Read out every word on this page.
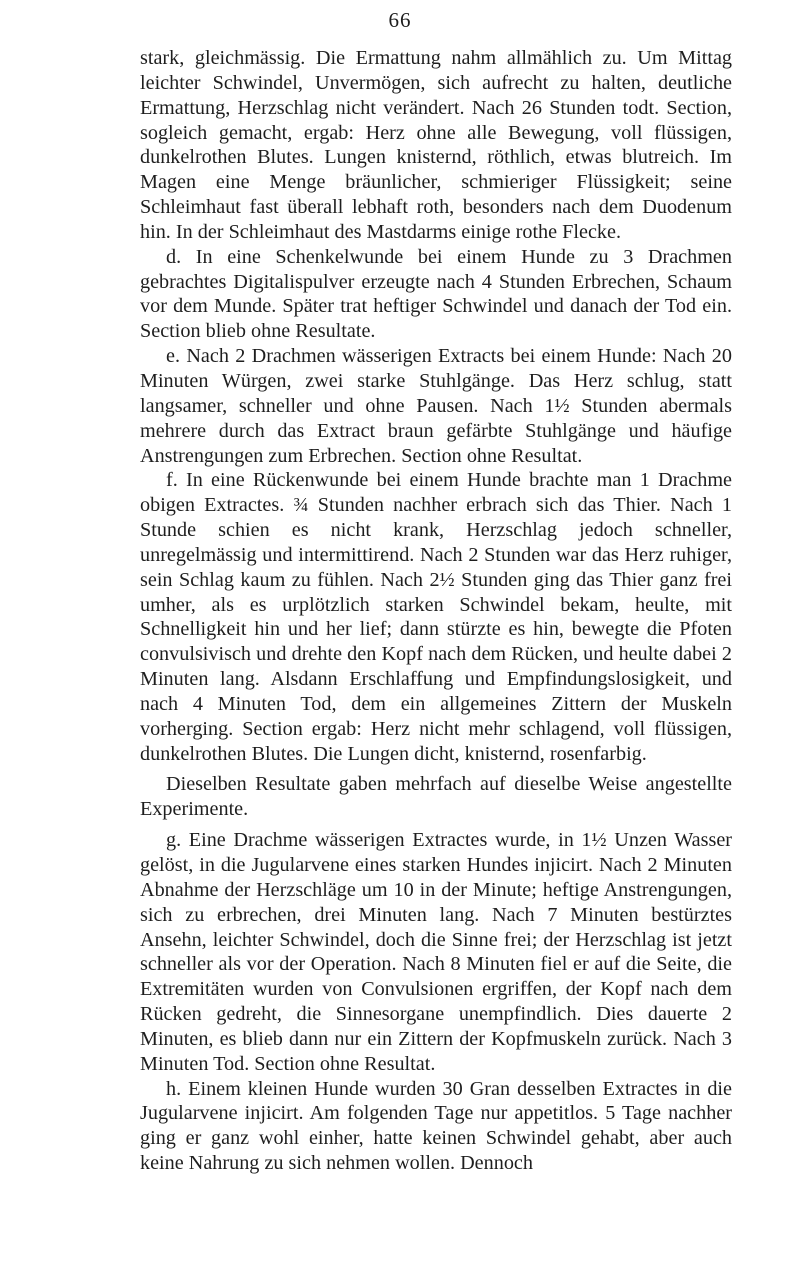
66

stark, gleichmässig. Die Ermattung nahm allmählich zu. Um Mittag leichter Schwindel, Unvermögen, sich aufrecht zu halten, deutliche Ermattung, Herzschlag nicht verändert. Nach 26 Stunden todt. Section, sogleich gemacht, ergab: Herz ohne alle Bewegung, voll flüssigen, dunkelrothen Blutes. Lungen knisternd, röthlich, etwas blutreich. Im Magen eine Menge bräunlicher, schmieriger Flüssigkeit; seine Schleimhaut fast überall lebhaft roth, besonders nach dem Duodenum hin. In der Schleimhaut des Mastdarms einige rothe Flecke.

d. In eine Schenkelwunde bei einem Hunde zu 3 Drachmen gebrachtes Digitalispulver erzeugte nach 4 Stunden Erbrechen, Schaum vor dem Munde. Später trat heftiger Schwindel und danach der Tod ein. Section blieb ohne Resultate.

e. Nach 2 Drachmen wässerigen Extracts bei einem Hunde: Nach 20 Minuten Würgen, zwei starke Stuhlgänge. Das Herz schlug, statt langsamer, schneller und ohne Pausen. Nach 1½ Stunden abermals mehrere durch das Extract braun gefärbte Stuhlgänge und häufige Anstrengungen zum Erbrechen. Section ohne Resultat.

f. In eine Rückenwunde bei einem Hunde brachte man 1 Drachme obigen Extractes. ¾ Stunden nachher erbrach sich das Thier. Nach 1 Stunde schien es nicht krank, Herzschlag jedoch schneller, unregelmässig und intermittirend. Nach 2 Stunden war das Herz ruhiger, sein Schlag kaum zu fühlen. Nach 2½ Stunden ging das Thier ganz frei umher, als es urplötzlich starken Schwindel bekam, heulte, mit Schnelligkeit hin und her lief; dann stürzte es hin, bewegte die Pfoten convulsivisch und drehte den Kopf nach dem Rücken, und heulte dabei 2 Minuten lang. Alsdann Erschlaffung und Empfindungslosigkeit, und nach 4 Minuten Tod, dem ein allgemeines Zittern der Muskeln vorherging. Section ergab: Herz nicht mehr schlagend, voll flüssigen, dunkelrothen Blutes. Die Lungen dicht, knisternd, rosenfarbig.

Dieselben Resultate gaben mehrfach auf dieselbe Weise angestellte Experimente.

g. Eine Drachme wässerigen Extractes wurde, in 1½ Unzen Wasser gelöst, in die Jugularvene eines starken Hundes injicirt. Nach 2 Minuten Abnahme der Herzschläge um 10 in der Minute; heftige Anstrengungen, sich zu erbrechen, drei Minuten lang. Nach 7 Minuten bestürztes Ansehn, leichter Schwindel, doch die Sinne frei; der Herzschlag ist jetzt schneller als vor der Operation. Nach 8 Minuten fiel er auf die Seite, die Extremitäten wurden von Convulsionen ergriffen, der Kopf nach dem Rücken gedreht, die Sinnesorgane unempfindlich. Dies dauerte 2 Minuten, es blieb dann nur ein Zittern der Kopfmuskeln zurück. Nach 3 Minuten Tod. Section ohne Resultat.

h. Einem kleinen Hunde wurden 30 Gran desselben Extractes in die Jugularvene injicirt. Am folgenden Tage nur appetitlos. 5 Tage nachher ging er ganz wohl einher, hatte keinen Schwindel gehabt, aber auch keine Nahrung zu sich nehmen wollen. Dennoch
